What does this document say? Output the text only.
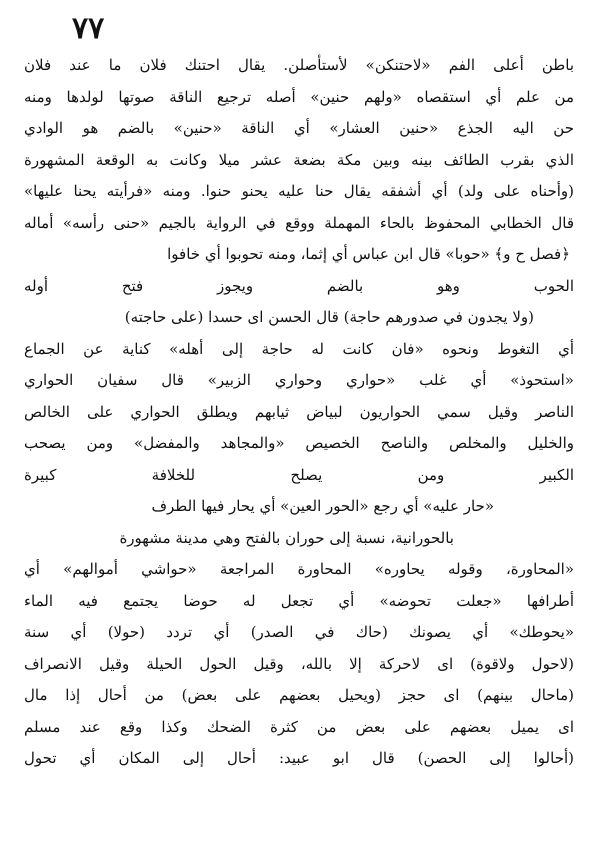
٧٧
باطن أعلى الفم «لاحتنكن» لأستأصلن. يقال احتنك فلان ما عند فلان
من علم أي استقصاه «ولهم حنين» أصله ترجيع الناقة صوتها لولدها ومنه
حن اليه الجذع «حنين العشار» أي الناقة «حنين» بالضم هو الوادي
الذي بقرب الطائف بينه وبين مكة بضعة عشر ميلا وكانت به الوقعة المشهورة
(وأحناه على ولد) أي أشفقه يقال حنا عليه يحنو حنوا. ومنه «فرأيته يحنا عليها»
قال الخطابي المحفوظ بالحاء المهملة ووقع في الرواية بالجيم «حنى رأسه» أماله
﴿فصل ح و﴾ «حوبا» قال ابن عباس أي إثما، ومنه تحوبوا أي خافوا
الحوب وهو بالضم ويجوز فتح أوله
(ولا يجدون في صدورهم حاجة) قال الحسن اى حسدا (على حاجته)
أي التغوط ونحوه «فان كانت له حاجة إلى أهله» كناية عن الجماع
«استحوذ» أي غلب «حواري وحواري الزبير» قال سفيان الحواري
الناصر وقيل سمي الحواريون لبياض ثيابهم ويطلق الحواري على الخالص
والخليل والمخلص والناصح الخصيص «والمجاهد والمفضل» ومن يصحب
الكبير ومن يصلح للخلافة كبيرة
«حار عليه» أي رجع «الحور العين» أي يحار فيها الطرف
بالحورانية، نسبة إلى حوران بالفتح وهي مدينة مشهورة
«المحاورة، وقوله يحاوره» المحاورة المراجعة «حواشي أموالهم» أي
أطرافها «جعلت تحوضه» أي تجعل له حوضا يجتمع فيه الماء
«يحوطك» أي يصونك (حاك في الصدر) أي تردد (حولا) أي سنة
(لاحول ولاقوة) اى لاحركة إلا بالله، وقيل الحول الحيلة وقيل الانصراف
(ماحال بينهم) اى حجز (ويحيل بعضهم على بعض) من أحال إذا مال
اى يميل بعضهم على بعض من كثرة الضحك وكذا وقع عند مسلم
(أحالوا إلى الحصن) قال ابو عبيد: أحال إلى المكان أي تحول
